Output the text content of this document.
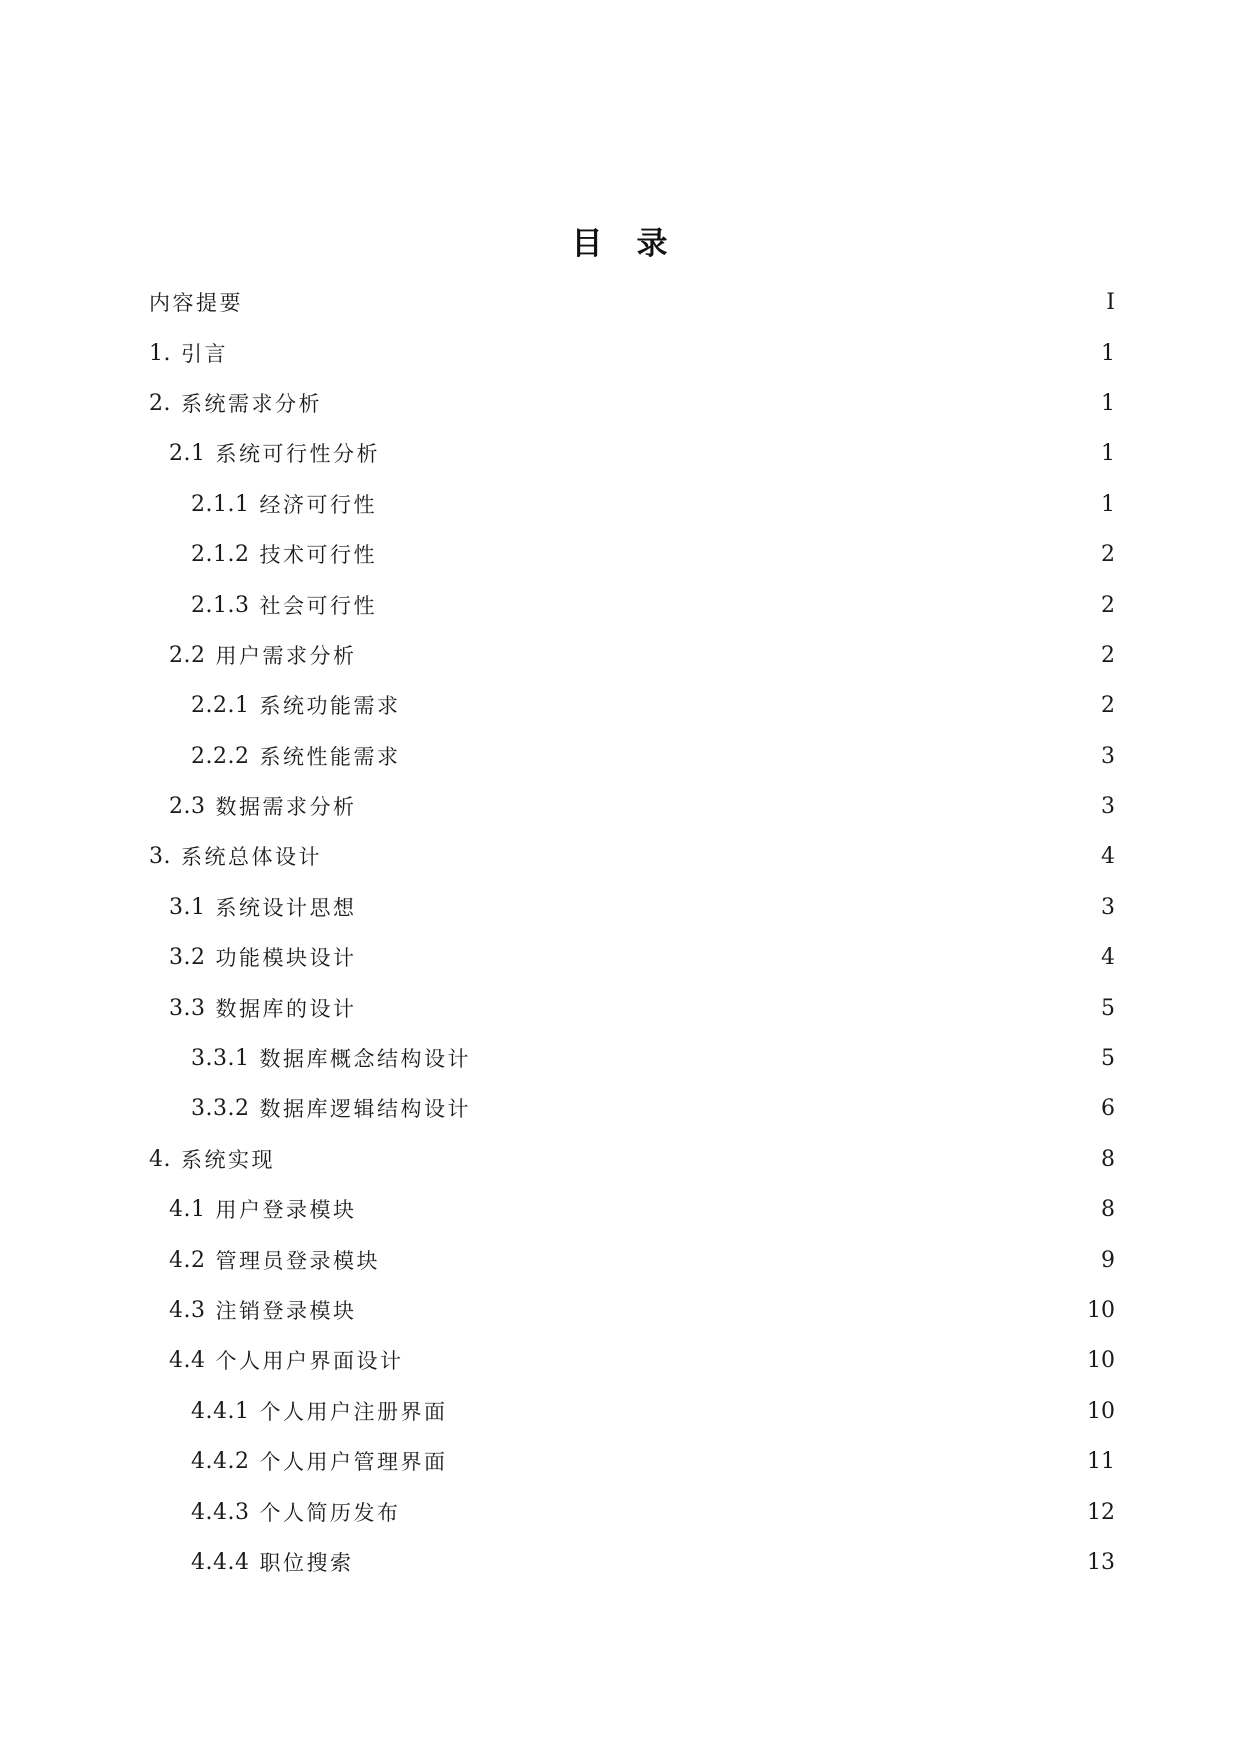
目 录
内容提要	I
1. 引言	1
2. 系统需求分析	1
2.1 系统可行性分析	1
2.1.1 经济可行性	1
2.1.2 技术可行性	2
2.1.3 社会可行性	2
2.2 用户需求分析	2
2.2.1 系统功能需求	2
2.2.2 系统性能需求	3
2.3 数据需求分析	3
3. 系统总体设计	4
3.1 系统设计思想	3
3.2 功能模块设计	4
3.3 数据库的设计	5
3.3.1 数据库概念结构设计	5
3.3.2 数据库逻辑结构设计	6
4. 系统实现	8
4.1 用户登录模块	8
4.2 管理员登录模块	9
4.3 注销登录模块	10
4.4 个人用户界面设计	10
4.4.1 个人用户注册界面	10
4.4.2 个人用户管理界面	11
4.4.3 个人简历发布	12
4.4.4 职位搜索	13
